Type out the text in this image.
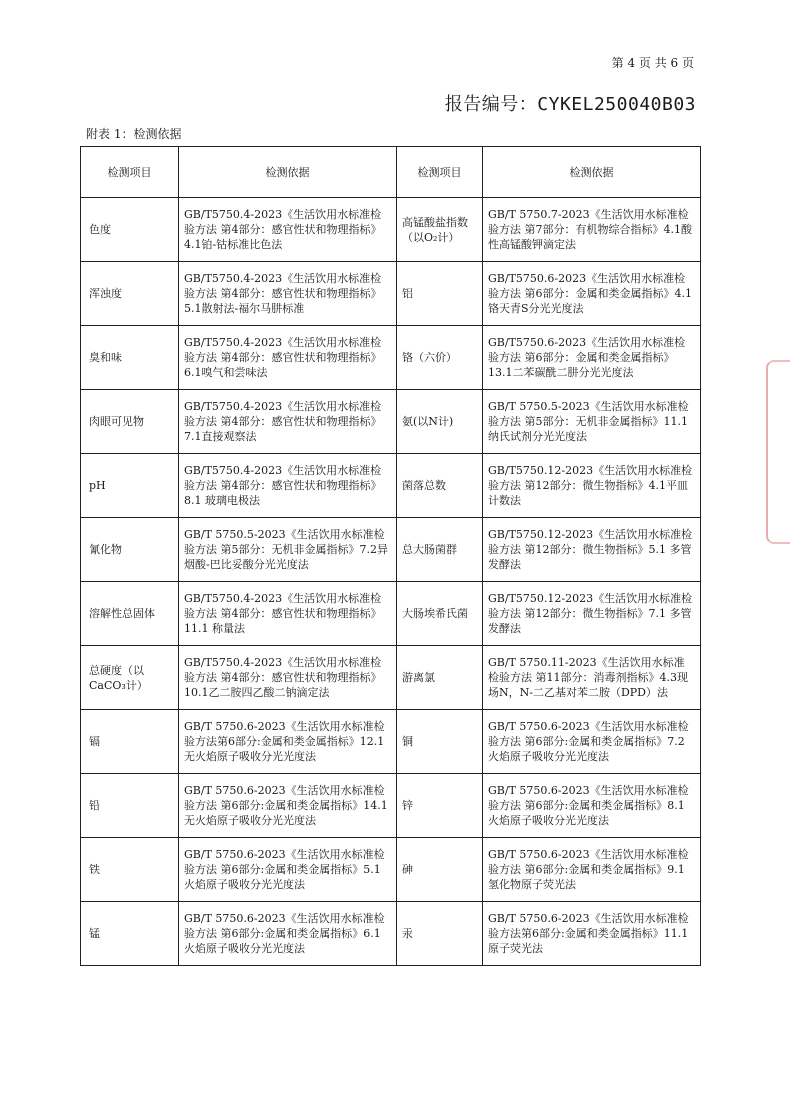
第 4 页 共 6 页
报告编号：CYKEL250040B03
附表 1：检测依据
检测项目	检测依据	检测项目	检测依据
色度	GB/T5750.4-2023《生活饮用水标准检验方法 第4部分：感官性状和物理指标》4.1铂-钴标准比色法	高锰酸盐指数（以O₂计）	GB/T 5750.7-2023《生活饮用水标准检验方法 第7部分：有机物综合指标》4.1酸性高锰酸钾滴定法
浑浊度	GB/T5750.4-2023《生活饮用水标准检验方法 第4部分：感官性状和物理指标》5.1散射法-福尔马肼标准	铝	GB/T5750.6-2023《生活饮用水标准检验方法 第6部分：金属和类金属指标》4.1铬天青S分光光度法
臭和味	GB/T5750.4-2023《生活饮用水标准检验方法 第4部分：感官性状和物理指标》6.1嗅气和尝味法	铬（六价）	GB/T5750.6-2023《生活饮用水标准检验方法 第6部分：金属和类金属指标》13.1二苯碳酰二肼分光光度法
肉眼可见物	GB/T5750.4-2023《生活饮用水标准检验方法 第4部分：感官性状和物理指标》7.1直接观察法	氨(以N计)	GB/T 5750.5-2023《生活饮用水标准检验方法 第5部分：无机非金属指标》11.1 纳氏试剂分光光度法
pH	GB/T5750.4-2023《生活饮用水标准检验方法 第4部分：感官性状和物理指标》8.1 玻璃电极法	菌落总数	GB/T5750.12-2023《生活饮用水标准检验方法 第12部分：微生物指标》4.1平皿计数法
氰化物	GB/T 5750.5-2023《生活饮用水标准检验方法 第5部分：无机非金属指标》7.2异烟酸-巴比妥酸分光光度法	总大肠菌群	GB/T5750.12-2023《生活饮用水标准检验方法 第12部分：微生物指标》5.1 多管发酵法
溶解性总固体	GB/T5750.4-2023《生活饮用水标准检验方法 第4部分：感官性状和物理指标》11.1 称量法	大肠埃希氏菌	GB/T5750.12-2023《生活饮用水标准检验方法 第12部分：微生物指标》7.1 多管发酵法
总硬度（以CaCO₃计）	GB/T5750.4-2023《生活饮用水标准检验方法 第4部分：感官性状和物理指标》10.1乙二胺四乙酸二钠滴定法	游离氯	GB/T 5750.11-2023《生活饮用水标准检验方法 第11部分：消毒剂指标》4.3现场N，N-二乙基对苯二胺（DPD）法
镉	GB/T 5750.6-2023《生活饮用水标准检验方法第6部分:金属和类金属指标》12.1 无火焰原子吸收分光光度法	铜	GB/T 5750.6-2023《生活饮用水标准检验方法 第6部分:金属和类金属指标》7.2 火焰原子吸收分光光度法
铅	GB/T 5750.6-2023《生活饮用水标准检验方法 第6部分:金属和类金属指标》14.1 无火焰原子吸收分光光度法	锌	GB/T 5750.6-2023《生活饮用水标准检验方法 第6部分:金属和类金属指标》8.1 火焰原子吸收分光光度法
铁	GB/T 5750.6-2023《生活饮用水标准检验方法 第6部分:金属和类金属指标》5.1 火焰原子吸收分光光度法	砷	GB/T 5750.6-2023《生活饮用水标准检验方法 第6部分:金属和类金属指标》9.1 氢化物原子荧光法
锰	GB/T 5750.6-2023《生活饮用水标准检验方法 第6部分:金属和类金属指标》6.1火焰原子吸收分光光度法	汞	GB/T 5750.6-2023《生活饮用水标准检验方法第6部分:金属和类金属指标》11.1 原子荧光法
